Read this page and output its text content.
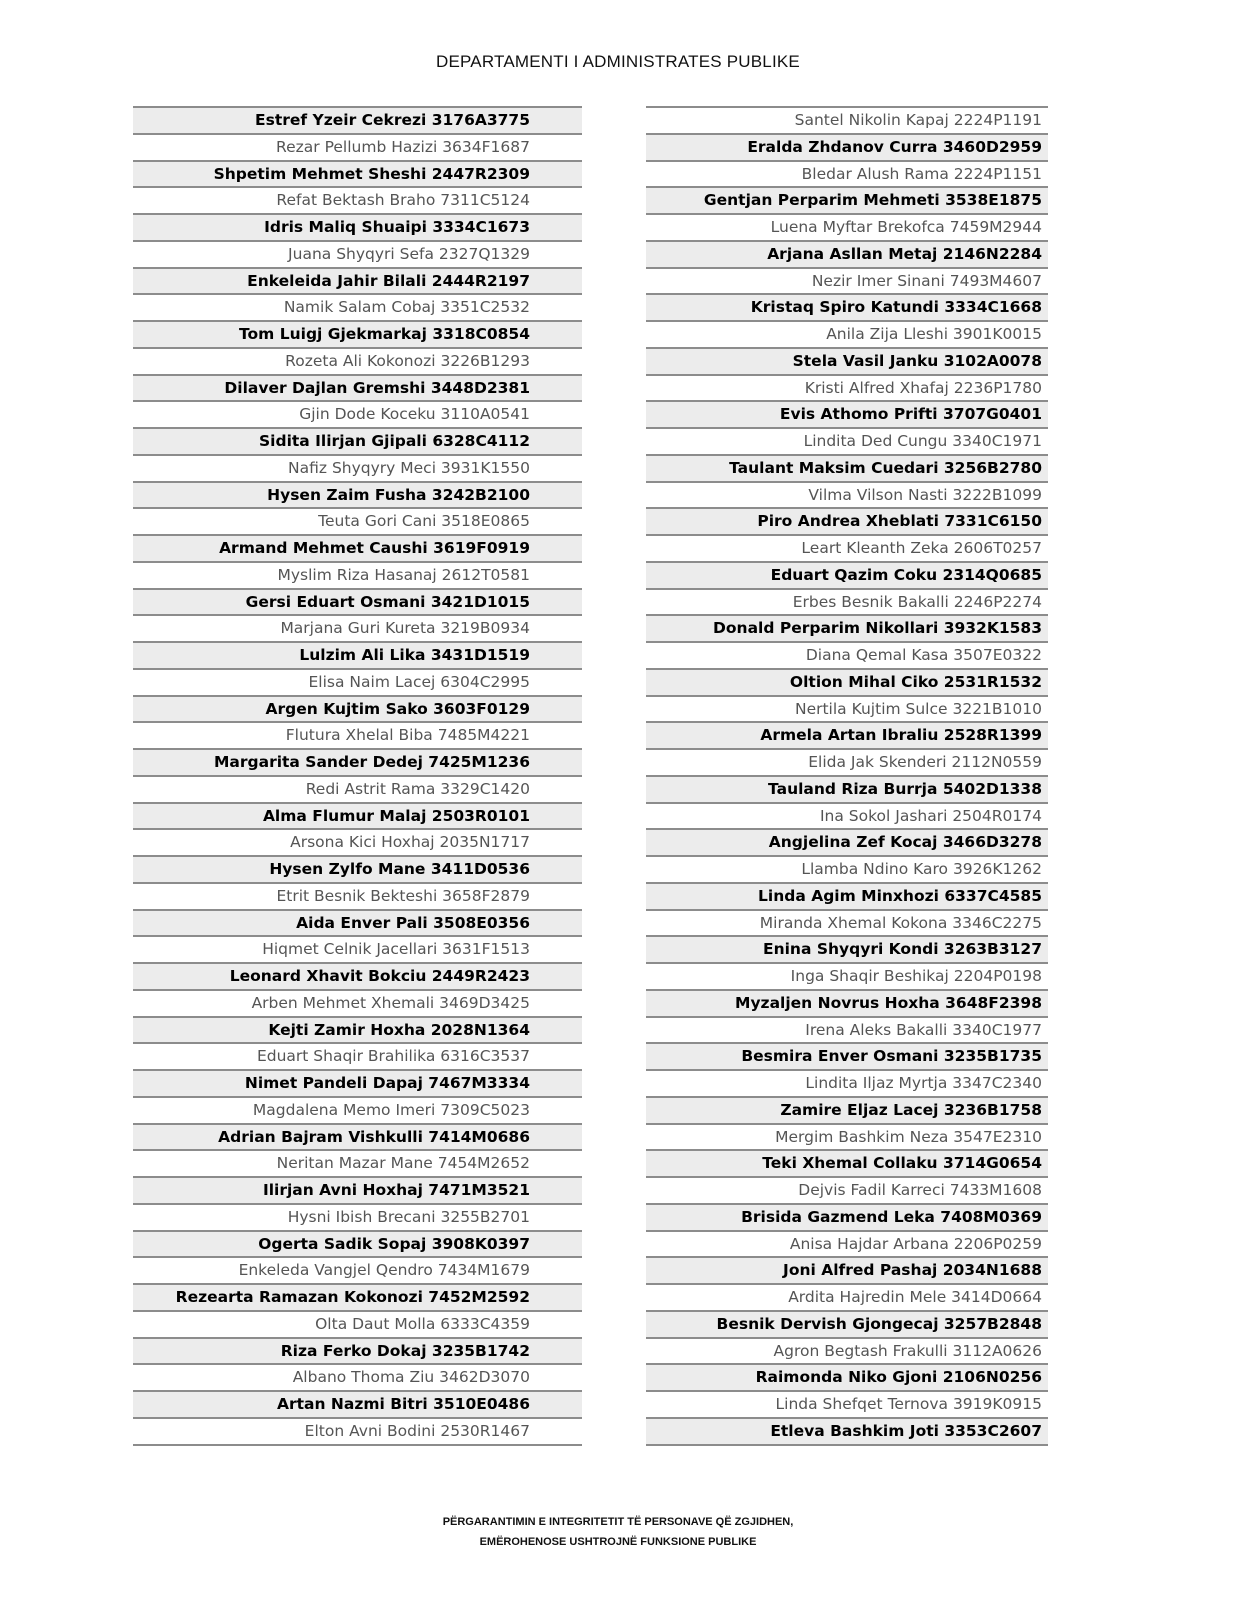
DEPARTAMENTI I ADMINISTRATES PUBLIKE
Estref Yzeir Cekrezi 3176A3775
Rezar Pellumb Hazizi 3634F1687
Shpetim Mehmet Sheshi 2447R2309
Refat Bektash Braho 7311C5124
Idris Maliq Shuaipi 3334C1673
Juana Shyqyri Sefa 2327Q1329
Enkeleida Jahir Bilali 2444R2197
Namik Salam Cobaj 3351C2532
Tom Luigj Gjekmarkaj 3318C0854
Rozeta Ali Kokonozi 3226B1293
Dilaver Dajlan Gremshi 3448D2381
Gjin Dode Koceku 3110A0541
Sidita Ilirjan Gjipali 6328C4112
Nafiz Shyqyry Meci 3931K1550
Hysen Zaim Fusha 3242B2100
Teuta Gori Cani 3518E0865
Armand Mehmet Caushi 3619F0919
Myslim Riza Hasanaj 2612T0581
Gersi Eduart Osmani 3421D1015
Marjana Guri Kureta 3219B0934
Lulzim Ali Lika 3431D1519
Elisa Naim Lacej 6304C2995
Argen Kujtim Sako 3603F0129
Flutura Xhelal Biba 7485M4221
Margarita Sander Dedej 7425M1236
Redi Astrit Rama 3329C1420
Alma Flumur Malaj 2503R0101
Arsona Kici Hoxhaj 2035N1717
Hysen Zylfo Mane 3411D0536
Etrit Besnik Bekteshi 3658F2879
Aida Enver Pali 3508E0356
Hiqmet Celnik Jacellari 3631F1513
Leonard Xhavit Bokciu 2449R2423
Arben Mehmet Xhemali 3469D3425
Kejti Zamir Hoxha 2028N1364
Eduart Shaqir Brahilika 6316C3537
Nimet Pandeli Dapaj 7467M3334
Magdalena Memo Imeri 7309C5023
Adrian Bajram Vishkulli 7414M0686
Neritan Mazar Mane 7454M2652
Ilirjan Avni Hoxhaj 7471M3521
Hysni Ibish Brecani 3255B2701
Ogerta Sadik Sopaj 3908K0397
Enkeleda Vangjel Qendro 7434M1679
Rezearta Ramazan Kokonozi 7452M2592
Olta Daut Molla 6333C4359
Riza Ferko Dokaj 3235B1742
Albano Thoma Ziu 3462D3070
Artan Nazmi Bitri 3510E0486
Elton Avni Bodini 2530R1467
Santel Nikolin Kapaj 2224P1191
Eralda Zhdanov Curra 3460D2959
Bledar Alush Rama 2224P1151
Gentjan Perparim Mehmeti 3538E1875
Luena Myftar Brekofca 7459M2944
Arjana Asllan Metaj 2146N2284
Nezir Imer Sinani 7493M4607
Kristaq Spiro Katundi 3334C1668
Anila Zija Lleshi 3901K0015
Stela Vasil Janku 3102A0078
Kristi Alfred Xhafaj 2236P1780
Evis Athomo Prifti 3707G0401
Lindita Ded Cungu 3340C1971
Taulant Maksim Cuedari 3256B2780
Vilma Vilson Nasti 3222B1099
Piro Andrea Xheblati 7331C6150
Leart Kleanth Zeka 2606T0257
Eduart Qazim Coku 2314Q0685
Erbes Besnik Bakalli 2246P2274
Donald Perparim Nikollari 3932K1583
Diana Qemal Kasa 3507E0322
Oltion Mihal Ciko 2531R1532
Nertila Kujtim Sulce 3221B1010
Armela Artan Ibraliu 2528R1399
Elida Jak Skenderi 2112N0559
Tauland Riza Burrja 5402D1338
Ina Sokol Jashari 2504R0174
Angjelina Zef Kocaj 3466D3278
Llamba Ndino Karo 3926K1262
Linda Agim Minxhozi 6337C4585
Miranda Xhemal Kokona 3346C2275
Enina Shyqyri Kondi 3263B3127
Inga Shaqir Beshikaj 2204P0198
Myzaljen Novrus Hoxha 3648F2398
Irena Aleks Bakalli 3340C1977
Besmira Enver Osmani 3235B1735
Lindita Iljaz Myrtja 3347C2340
Zamire Eljaz Lacej 3236B1758
Mergim Bashkim Neza 3547E2310
Teki Xhemal Collaku 3714G0654
Dejvis Fadil Karreci 7433M1608
Brisida Gazmend Leka 7408M0369
Anisa Hajdar Arbana 2206P0259
Joni Alfred Pashaj 2034N1688
Ardita Hajredin Mele 3414D0664
Besnik Dervish Gjongecaj 3257B2848
Agron Begtash Frakulli 3112A0626
Raimonda Niko Gjoni 2106N0256
Linda Shefqet Ternova 3919K0915
Etleva Bashkim Joti 3353C2607
PËRGARANTIMIN E INTEGRITETIT TË PERSONAVE QË ZGJIDHEN,
EMËROHENOSE USHTROJNË FUNKSIONE PUBLIKE
